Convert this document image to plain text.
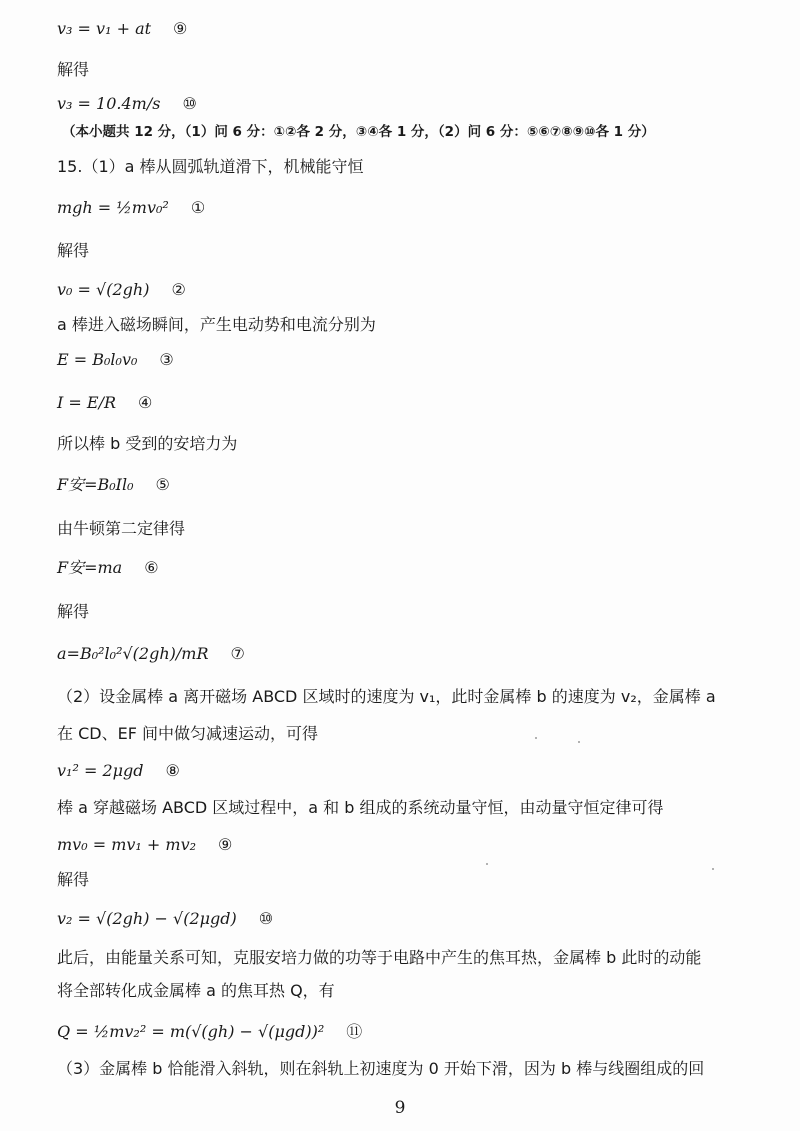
v₃ = v₁ + at ⑨
解得
v₃ = 10.4m/s ⑩
（本小题共 12 分，（1）问 6 分：①②各 2 分，③④各 1 分，（2）问 6 分：⑤⑥⑦⑧⑨⑩各 1 分）
15.（1）a 棒从圆弧轨道滑下，机械能守恒
mgh = ½mv₀² ①
解得
v₀ = √(2gh) ②
a 棒进入磁场瞬间，产生电动势和电流分别为
E = B₀l₀v₀ ③
I = E/R ④
所以棒 b 受到的安培力为
F安=B₀Il₀ ⑤
由牛顿第二定律得
F安=ma ⑥
解得
a=B₀²l₀²√(2gh)/mR ⑦
（2）设金属棒 a 离开磁场 ABCD 区域时的速度为 v₁，此时金属棒 b 的速度为 v₂，金属棒 a
在 CD、EF 间中做匀减速运动，可得
v₁² = 2μgd ⑧
棒 a 穿越磁场 ABCD 区域过程中，a 和 b 组成的系统动量守恒，由动量守恒定律可得
mv₀ = mv₁ + mv₂ ⑨
解得
v₂ = √(2gh) − √(2μgd) ⑩
此后，由能量关系可知，克服安培力做的功等于电路中产生的焦耳热，金属棒 b 此时的动能
将全部转化成金属棒 a 的焦耳热 Q，有
Q = ½mv₂² = m(√(gh) − √(μgd))² ⑪
（3）金属棒 b 恰能滑入斜轨，则在斜轨上初速度为 0 开始下滑，因为 b 棒与线圈组成的回
9
